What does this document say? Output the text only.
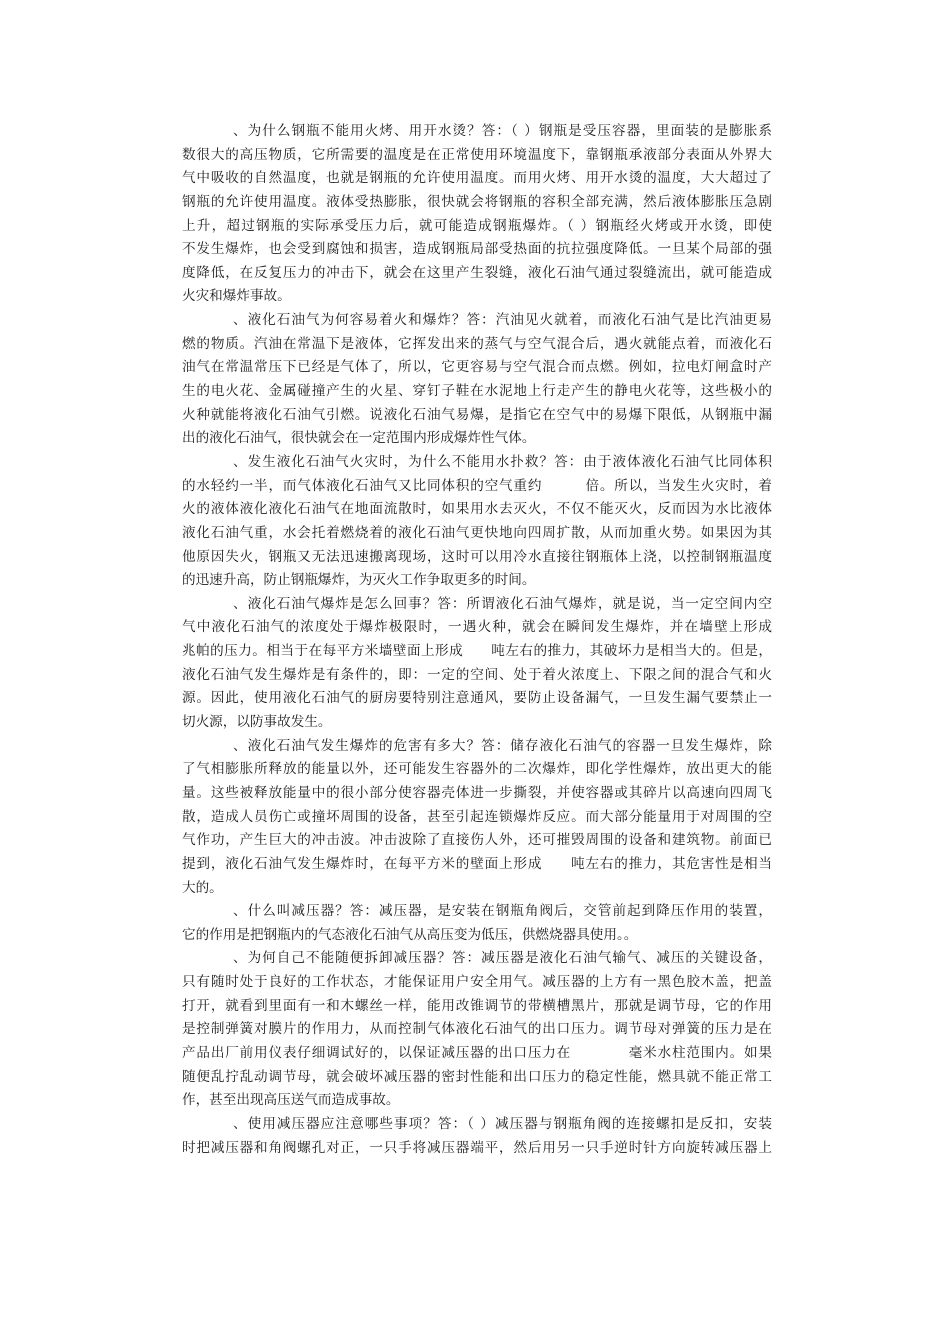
、为什么钢瓶不能用火烤、用开水烫？答：（ ）钢瓶是受压容器，里面装的是膨胀系
数很大的高压物质，它所需要的温度是在正常使用环境温度下，靠钢瓶承液部分表面从外界大
气中吸收的自然温度，也就是钢瓶的允许使用温度。而用火烤、用开水烫的温度，大大超过了
钢瓶的允许使用温度。液体受热膨胀，很快就会将钢瓶的容积全部充满，然后液体膨胀压急剧
上升，超过钢瓶的实际承受压力后，就可能造成钢瓶爆炸。（ ）钢瓶经火烤或开水烫，即使
不发生爆炸，也会受到腐蚀和损害，造成钢瓶局部受热面的抗拉强度降低。一旦某个局部的强
度降低，在反复压力的冲击下，就会在这里产生裂缝，液化石油气通过裂缝流出，就可能造成
火灾和爆炸事故。
、液化石油气为何容易着火和爆炸？答：汽油见火就着，而液化石油气是比汽油更易
燃的物质。汽油在常温下是液体，它挥发出来的蒸气与空气混合后，遇火就能点着，而液化石
油气在常温常压下已经是气体了，所以，它更容易与空气混合而点燃。例如，拉电灯闸盒时产
生的电火花、金属碰撞产生的火星、穿钉子鞋在水泥地上行走产生的静电火花等，这些极小的
火种就能将液化石油气引燃。说液化石油气易爆，是指它在空气中的易爆下限低，从钢瓶中漏
出的液化石油气，很快就会在一定范围内形成爆炸性气体。
、发生液化石油气火灾时，为什么不能用水扑救？答：由于液体液化石油气比同体积
的水轻约一半，而气体液化石油气又比同体积的空气重约　　　倍。所以，当发生火灾时，着
火的液体液化液化石油气在地面流散时，如果用水去灭火，不仅不能灭火，反而因为水比液体
液化石油气重，水会托着燃烧着的液化石油气更快地向四周扩散，从而加重火势。如果因为其
他原因失火，钢瓶又无法迅速搬离现场，这时可以用冷水直接往钢瓶体上浇，以控制钢瓶温度
的迅速升高，防止钢瓶爆炸，为灭火工作争取更多的时间。
、液化石油气爆炸是怎么回事？答：所谓液化石油气爆炸，就是说，当一定空间内空
气中液化石油气的浓度处于爆炸极限时，一遇火种，就会在瞬间发生爆炸，并在墙壁上形成
兆帕的压力。相当于在每平方米墙壁面上形成　　吨左右的推力，其破坏力是相当大的。但是，
液化石油气发生爆炸是有条件的，即：一定的空间、处于着火浓度上、下限之间的混合气和火
源。因此，使用液化石油气的厨房要特别注意通风，要防止设备漏气，一旦发生漏气要禁止一
切火源，以防事故发生。
、液化石油气发生爆炸的危害有多大？答：储存液化石油气的容器一旦发生爆炸，除
了气相膨胀所释放的能量以外，还可能发生容器外的二次爆炸，即化学性爆炸，放出更大的能
量。这些被释放能量中的很小部分使容器壳体进一步撕裂，并使容器或其碎片以高速向四周飞
散，造成人员伤亡或撞坏周围的设备，甚至引起连锁爆炸反应。而大部分能量用于对周围的空
气作功，产生巨大的冲击波。冲击波除了直接伤人外，还可摧毁周围的设备和建筑物。前面已
提到，液化石油气发生爆炸时，在每平方米的壁面上形成　　吨左右的推力，其危害性是相当
大的。
、什么叫减压器？答：减压器，是安装在钢瓶角阀后，交管前起到降压作用的装置，
它的作用是把钢瓶内的气态液化石油气从高压变为低压，供燃烧器具使用。。
、为何自己不能随便拆卸减压器？答：减压器是液化石油气输气、减压的关键设备，
只有随时处于良好的工作状态，才能保证用户安全用气。减压器的上方有一黑色胶木盖，把盖
打开，就看到里面有一和木螺丝一样，能用改锥调节的带横槽黑片，那就是调节母，它的作用
是控制弹簧对膜片的作用力，从而控制气体液化石油气的出口压力。调节母对弹簧的压力是在
产品出厂前用仪表仔细调试好的，以保证减压器的出口压力在　　　　毫米水柱范围内。如果
随便乱拧乱动调节母，就会破坏减压器的密封性能和出口压力的稳定性能，燃具就不能正常工
作，甚至出现高压送气而造成事故。
、使用减压器应注意哪些事项？答：（ ）减压器与钢瓶角阀的连接螺扣是反扣，安装
时把减压器和角阀螺孔对正，一只手将减压器端平，然后用另一只手逆时针方向旋转减压器上
